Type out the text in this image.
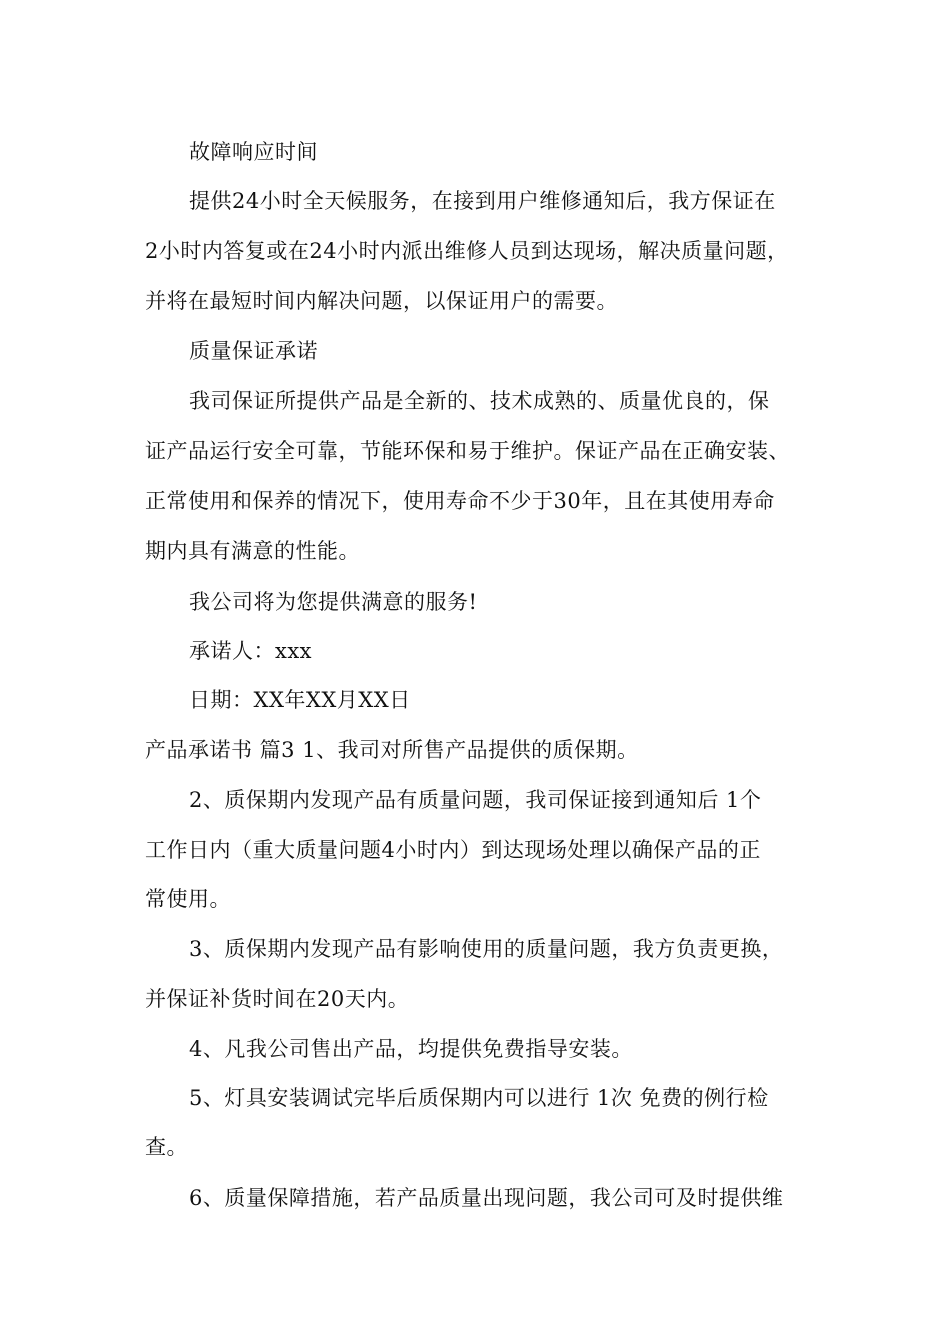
故障响应时间
提供24小时全天候服务，在接到用户维修通知后，我方保证在
2小时内答复或在24小时内派出维修人员到达现场，解决质量问题，
并将在最短时间内解决问题，以保证用户的需要。
质量保证承诺
我司保证所提供产品是全新的、技术成熟的、质量优良的，保
证产品运行安全可靠，节能环保和易于维护。保证产品在正确安装、
正常使用和保养的情况下，使用寿命不少于30年，且在其使用寿命
期内具有满意的性能。
我公司将为您提供满意的服务!
承诺人：xxx
日期：XX年XX月XX日
产品承诺书 篇3 1、我司对所售产品提供的质保期。
2、质保期内发现产品有质量问题，我司保证接到通知后 1个
工作日内（重大质量问题4小时内）到达现场处理以确保产品的正
常使用。
3、质保期内发现产品有影响使用的质量问题，我方负责更换，
并保证补货时间在20天内。
4、凡我公司售出产品，均提供免费指导安装。
5、灯具安装调试完毕后质保期内可以进行 1次 免费的例行检
查。
6、质量保障措施，若产品质量出现问题，我公司可及时提供维
